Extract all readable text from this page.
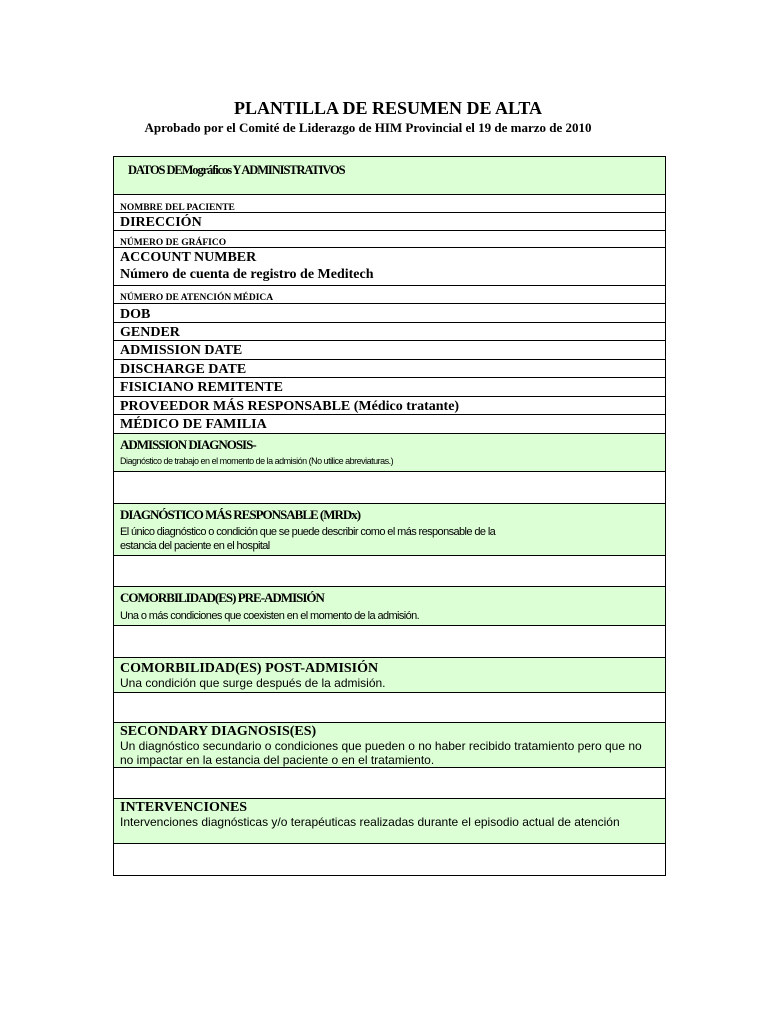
PLANTILLA DE RESUMEN DE ALTA
Aprobado por el Comité de Liderazgo de HIM Provincial el 19 de marzo de 2010
DATOS DEMográficos Y ADMINISTRATIVOS
NOMBRE DEL PACIENTE
DIRECCIÓN
NÚMERO DE GRÁFICO
ACCOUNT NUMBER
Número de cuenta de registro de Meditech
NÚMERO DE ATENCIÓN MÉDICA
DOB
GENDER
ADMISSION DATE
DISCHARGE DATE
FISICIANO REMITENTE
PROVEEDOR MÁS RESPONSABLE (Médico tratante)
MÉDICO DE FAMILIA
ADMISSION DIAGNOSIS-
Diagnóstico de trabajo en el momento de la admisión (No utilice abreviaturas.)
DIAGNÓSTICO MÁS RESPONSABLE (MRDx)
El único diagnóstico o condición que se puede describir como el más responsable de la
estancia del paciente en el hospital
COMORBILIDAD(ES) PRE-ADMISIÓN
Una o más condiciones que coexisten en el momento de la admisión.
COMORBILIDAD(ES) POST-ADMISIÓN
Una condición que surge después de la admisión.
SECONDARY DIAGNOSIS(ES)
Un diagnóstico secundario o condiciones que pueden o no haber recibido tratamiento pero que no
no impactar en la estancia del paciente o en el tratamiento.
INTERVENCIONES
Intervenciones diagnósticas y/o terapéuticas realizadas durante el episodio actual de atención
